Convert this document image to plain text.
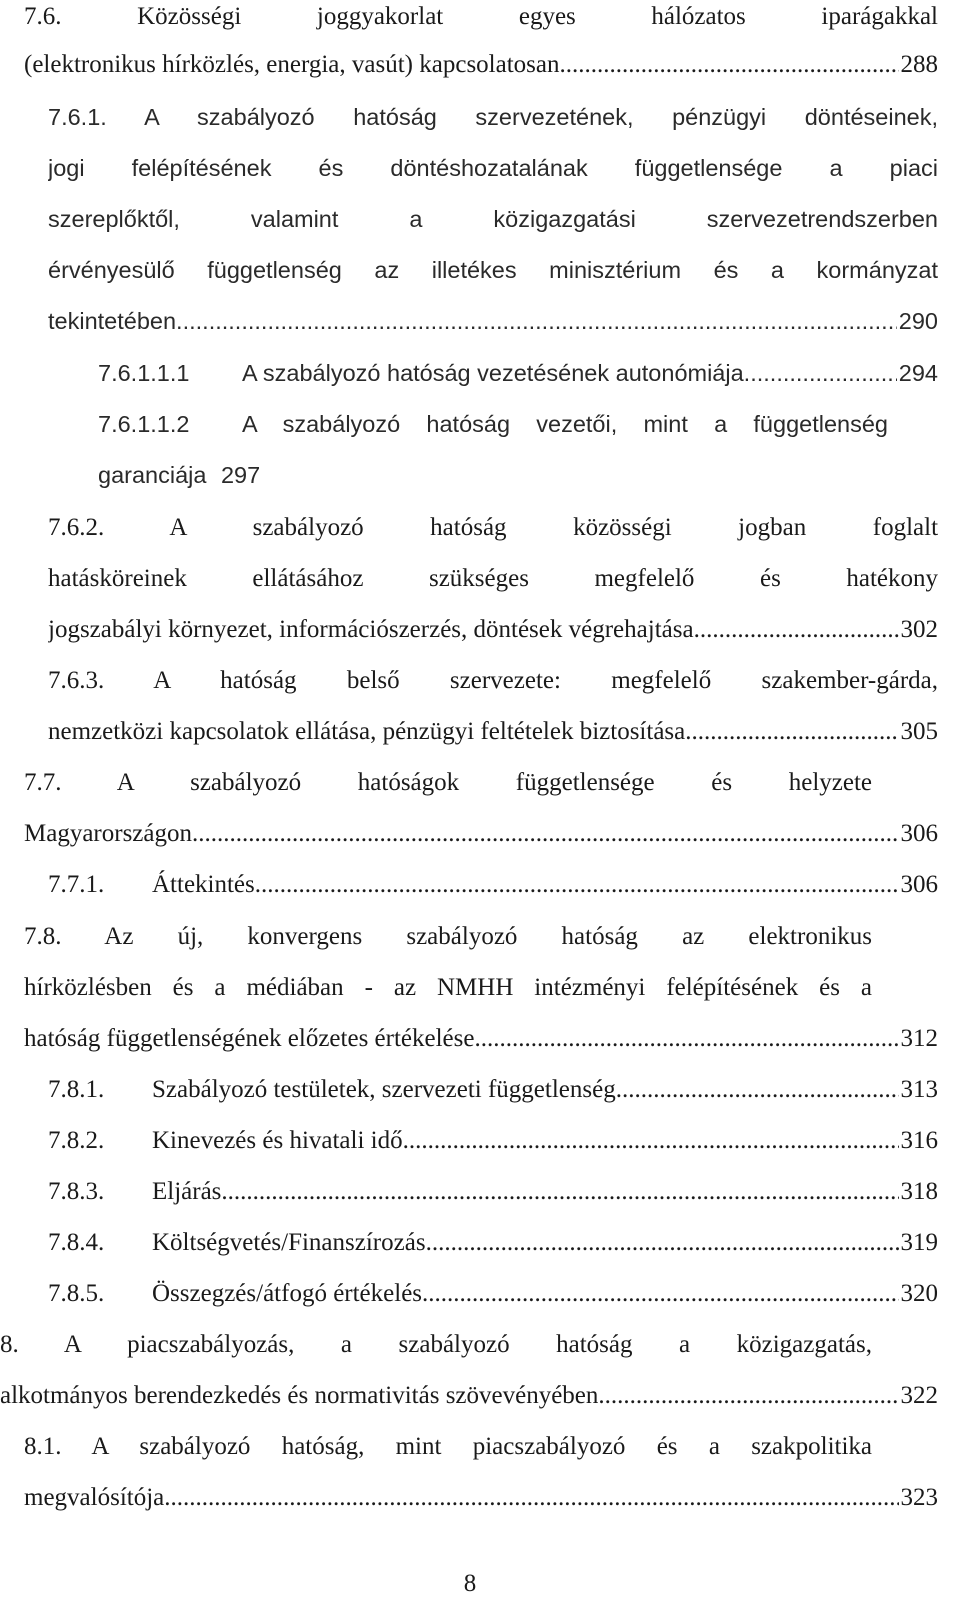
7.6. Közösségi joggyakorlat egyes hálózatos iparágakkal
(elektronikus hírközlés, energia, vasút) kapcsolatosan .....	288
7.6.1. A szabályozó hatóság szervezetének, pénzügyi döntéseinek,
jogi felépítésének és döntéshozatalának függetlensége a piaci
szereplőktől, valamint a közigazgatási szervezetrendszerben
érvényesülő függetlenség az illetékes minisztérium és a kormányzat
tekintetében. .....	290
7.6.1.1.1	A szabályozó hatóság vezetésének autonómiája .....	294
7.6.1.1.2	A szabályozó hatóság vezetői, mint a függetlenség
garanciája 297
7.6.2.	A szabályozó hatóság közösségi jogban foglalt
hatásköreinek ellátásához szükséges megfelelő és hatékony
jogszabályi környezet, információszerzés, döntések végrehajtása .....	302
7.6.3. A hatóság belső szervezete: megfelelő szakember-gárda,
nemzetközi kapcsolatok ellátása, pénzügyi feltételek biztosítása .....	305
7.7. A szabályozó hatóságok függetlensége és helyzete
Magyarországon .....	306
7.7.1.	Áttekintés .....	306
7.8. Az új, konvergens szabályozó hatóság az elektronikus
hírközlésben és a médiában - az NMHH intézményi felépítésének és a
hatóság függetlenségének előzetes értékelése .....	312
7.8.1.	Szabályozó testületek, szervezeti függetlenség .....	313
7.8.2.	Kinevezés és hivatali idő .....	316
7.8.3.	Eljárás .....	318
7.8.4.	Költségvetés/Finanszírozás .....	319
7.8.5.	Összegzés/átfogó értékelés .....	320
8. A piacszabályozás, a szabályozó hatóság a közigazgatás,
alkotmányos berendezkedés és normativitás szövevényében .....	322
8.1. A szabályozó hatóság, mint piacszabályozó és a szakpolitika
megvalósítója .....	323
8
